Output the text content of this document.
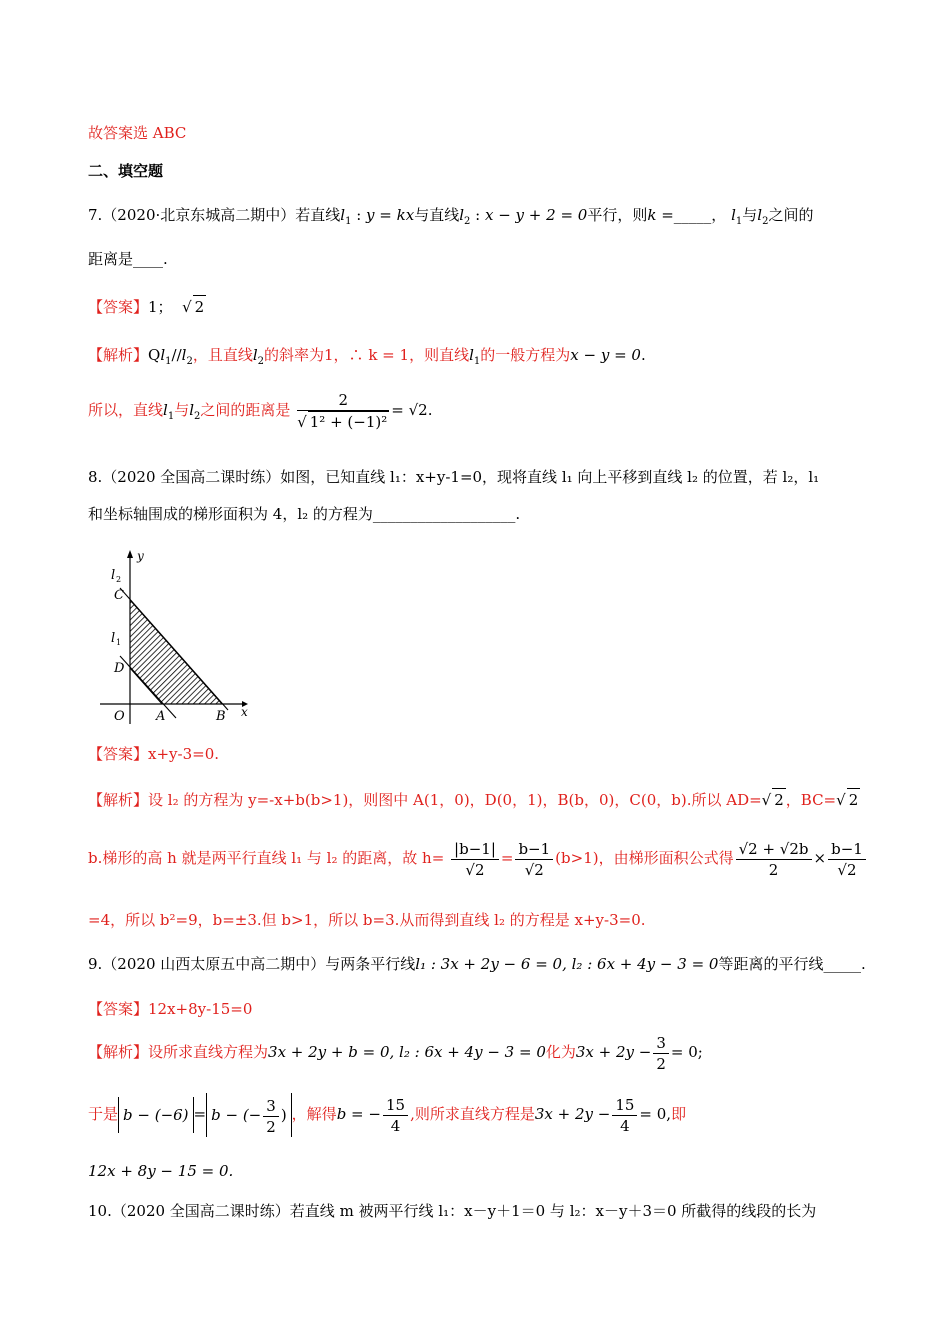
故答案选 ABC
二、填空题
7.（2020·北京东城高二期中）若直线$l_1$ : y = kx与直线$l_2$ : x − y + 2 = 0平行，则k =_____， $l_1$与$l_2$之间的
距离是____.
【答案】1；  √ 2
【解析】$Ql_1//l_2$，且直线$l_2$的斜率为1，∴ k = 1，则直线$l_1$的一般方程为x − y = 0.
所以，直线$l_1$与$l_2$之间的距离是 $\frac{2}{\text{√ 1² + (−1)²}} = √2$.
8.（2020 全国高二课时练）如图，已知直线 l₁：x+y-1=0，现将直线 l₁ 向上平移到直线 l₂ 的位置，若 l₂，l₁
和坐标轴围成的梯形面积为 4，l₂ 的方程为___________________.
y
x
O A	B
C
D
l 2
l 1
【答案】x+y-3=0.
【解析】设 l₂ 的方程为 y=-x+b(b>1)，则图中 A(1，0)，D(0，1)，B(b，0)，C(0，b).所以 AD=√ 2 ，BC=√ 2
b.梯形的高 h 就是两平行直线 l₁ 与 l₂ 的距离，故 $h= \frac{|b-1|}{√2} = \frac{b-1}{√2} (b>1)$，由梯形面积公式得 $\frac{√2 + √2b}{2} \times \frac{b-1}{√2}$
=4，所以 b²=9，b=±3.但 b>1，所以 b=3.从而得到直线 l₂ 的方程是 x+y-3=0.
9.（2020 山西太原五中高二期中）与两条平行线l₁ : 3x + 2y − 6 = 0, l₂ : 6x + 4y − 3 = 0等距离的平行线_____.
【答案】12x+8y-15=0
【解析】设所求直线方程为3x + 2y + b = 0, l₂ : 6x + 4y − 3 = 0化为$3x + 2y - \frac{3}{2} = 0$;
于是 b − (−6) = b − (− $\frac{3}{2}$ ) ，解得b = − $\frac{15}{4}$ ,则所求直线方程是$3x + 2y - \frac{15}{4} = 0$,即
12x + 8y − 15 = 0.
10.（2020 全国高二课时练）若直线 m 被两平行线 l₁：x－y＋1＝0 与 l₂：x－y＋3＝0 所截得的线段的长为
